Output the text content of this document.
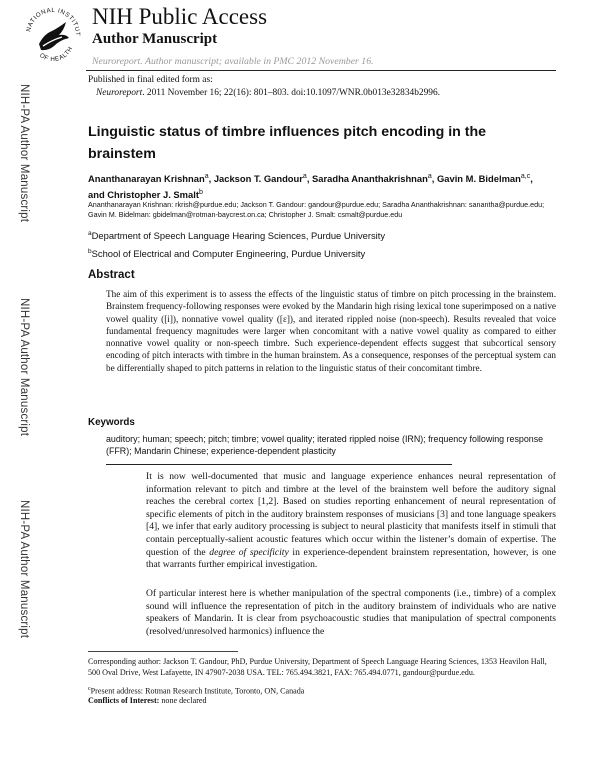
NATIONAL INSTITUT
OF HEALTH
NIH Public Access
Author Manuscript
Neuroreport. Author manuscript; available in PMC 2012 November 16.
Published in final edited form as:
Neuroreport. 2011 November 16; 22(16): 801–803. doi:10.1097/WNR.0b013e32834b2996.
NIH-PA Author Manuscript
NIH-PA Author Manuscript
NIH-PA Author Manuscript
Linguistic status of timbre influences pitch encoding in the brainstem
Ananthanarayan Krishnan$^a$, Jackson T. Gandour$^a$, Saradha Ananthakrishnan$^a$, Gavin M. Bidelman$^{a,c}$, and Christopher J. Smalt$^b$
Ananthanarayan Krishnan: rkrish@purdue.edu; Jackson T. Gandour: gandour@purdue.edu; Saradha Ananthakrishnan: sanantha@purdue.edu; Gavin M. Bidelman: gbidelman@rotman-baycrest.on.ca; Christopher J. Smalt: csmalt@purdue.edu
$^a$Department of Speech Language Hearing Sciences, Purdue University
$^b$School of Electrical and Computer Engineering, Purdue University
Abstract
The aim of this experiment is to assess the effects of the linguistic status of timbre on pitch processing in the brainstem. Brainstem frequency-following responses were evoked by the Mandarin high rising lexical tone superimposed on a native vowel quality ([i]), nonnative vowel quality ([ɛ]), and iterated rippled noise (non-speech). Results revealed that voice fundamental frequency magnitudes were larger when concomitant with a native vowel quality as compared to either nonnative vowel quality or non-speech timbre. Such experience-dependent effects suggest that subcortical sensory encoding of pitch interacts with timbre in the human brainstem. As a consequence, responses of the perceptual system can be differentially shaped to pitch patterns in relation to the linguistic status of their concomitant timbre.
Keywords
auditory; human; speech; pitch; timbre; vowel quality; iterated rippled noise (IRN); frequency following response (FFR); Mandarin Chinese; experience-dependent plasticity

It is now well-documented that music and language experience enhances neural representation of information relevant to pitch and timbre at the level of the brainstem well before the auditory signal reaches the cerebral cortex [1,2]. Based on studies reporting enhancement of neural representation of specific elements of pitch in the auditory brainstem responses of musicians [3] and tone language speakers [4], we infer that early auditory processing is subject to neural plasticity that manifests itself in stimuli that contain perceptually-salient acoustic features which occur within the listener’s domain of expertise. The question of the degree of specificity in experience-dependent brainstem representation, however, is one that warrants further empirical investigation.

Of particular interest here is whether manipulation of the spectral components (i.e., timbre) of a complex sound will influence the representation of pitch in the auditory brainstem of individuals who are native speakers of Mandarin. It is clear from psychoacoustic studies that manipulation of spectral components (resolved/unresolved harmonics) influence the
Corresponding author: Jackson T. Gandour, PhD, Purdue University, Department of Speech Language Hearing Sciences, 1353 Heavilon Hall, 500 Oval Drive, West Lafayette, IN 47907-2038 USA. TEL: 765.494.3821, FAX: 765.494.0771, gandour@purdue.edu.
$^c$Present address: Rotman Research Institute, Toronto, ON, Canada
Conflicts of Interest: none declared
